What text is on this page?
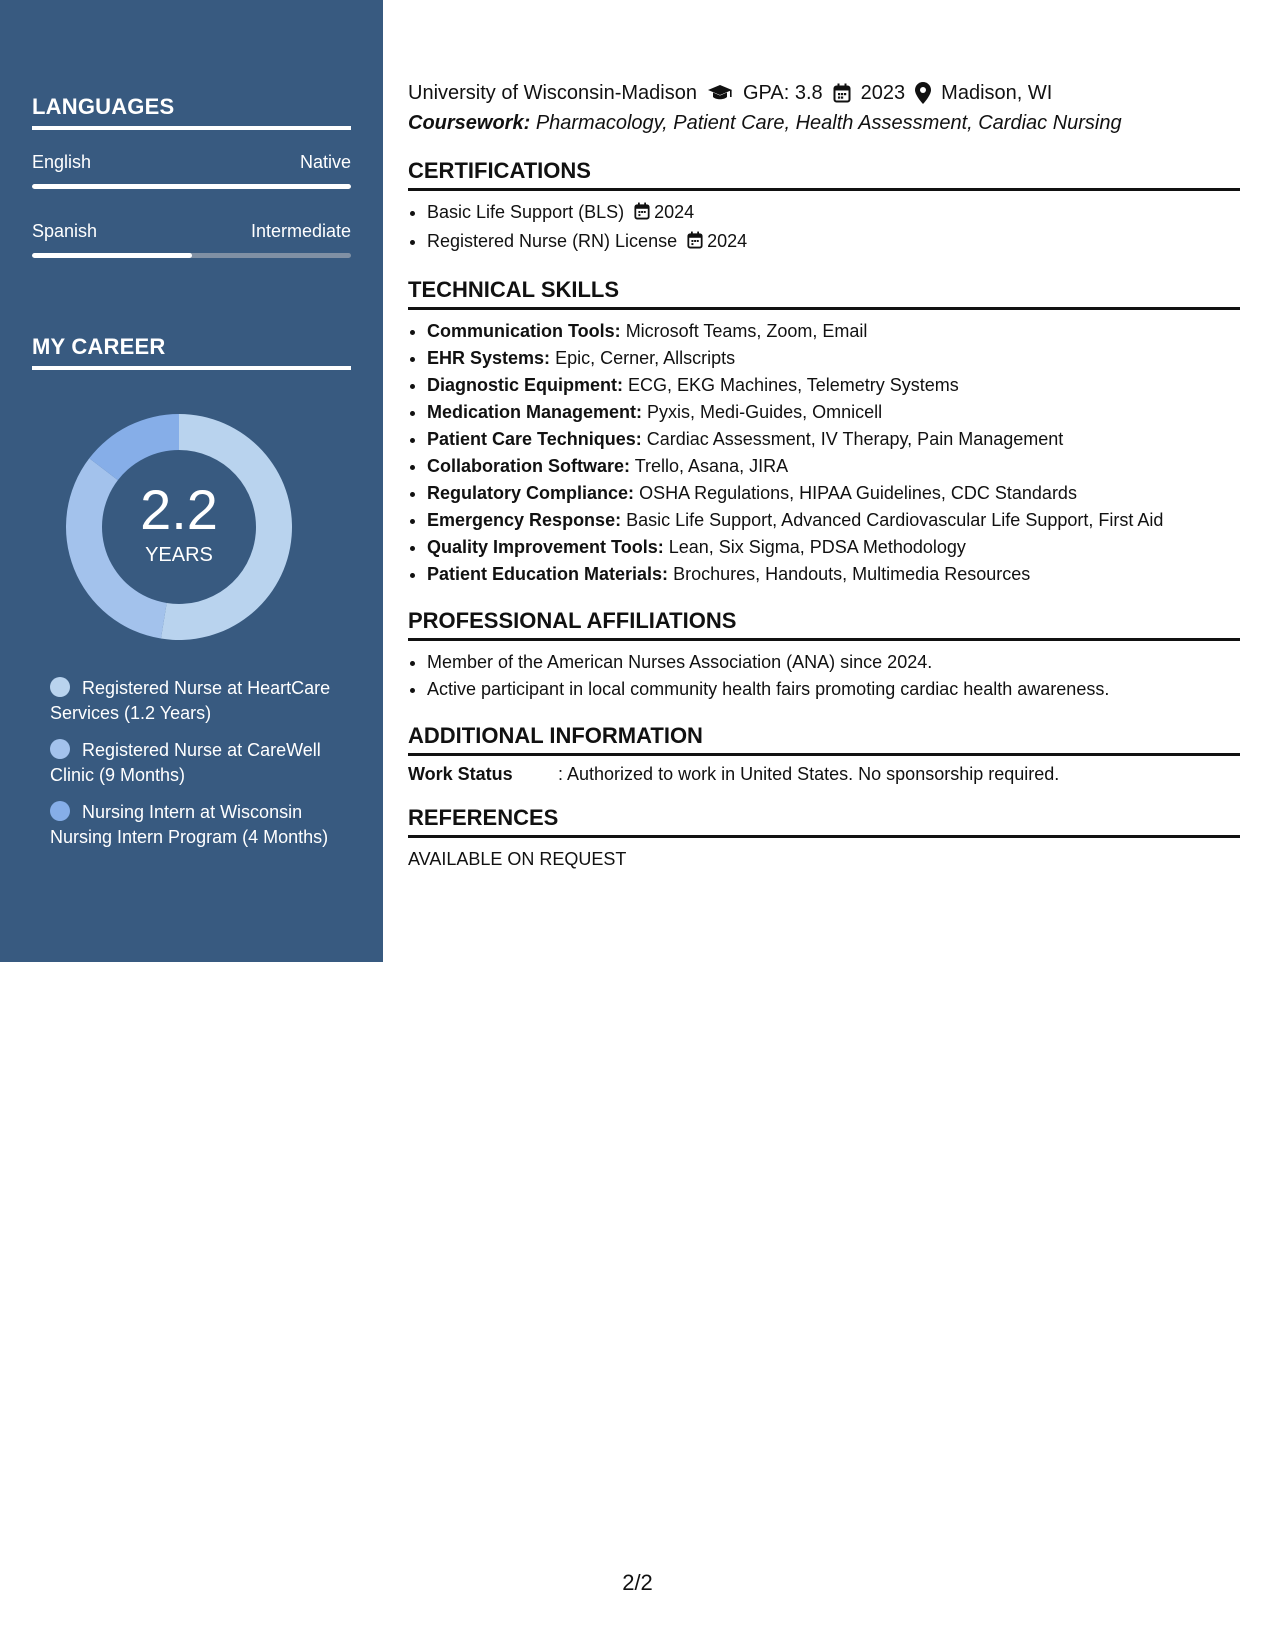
LANGUAGES
English	Native
Spanish	Intermediate
MY CAREER
2.2
YEARS
Registered Nurse at HeartCare Services (1.2 Years)
Registered Nurse at CareWell Clinic (9 Months)
Nursing Intern at Wisconsin Nursing Intern Program (4 Months)
University of Wisconsin-Madison GPA: 3.8 2023 Madison, WI
Coursework: Pharmacology, Patient Care, Health Assessment, Cardiac Nursing
CERTIFICATIONS
• Basic Life Support (BLS) 2024
• Registered Nurse (RN) License 2024
TECHNICAL SKILLS
• Communication Tools: Microsoft Teams, Zoom, Email
• EHR Systems: Epic, Cerner, Allscripts
• Diagnostic Equipment: ECG, EKG Machines, Telemetry Systems
• Medication Management: Pyxis, Medi-Guides, Omnicell
• Patient Care Techniques: Cardiac Assessment, IV Therapy, Pain Management
• Collaboration Software: Trello, Asana, JIRA
• Regulatory Compliance: OSHA Regulations, HIPAA Guidelines, CDC Standards
• Emergency Response: Basic Life Support, Advanced Cardiovascular Life Support, First Aid
• Quality Improvement Tools: Lean, Six Sigma, PDSA Methodology
• Patient Education Materials: Brochures, Handouts, Multimedia Resources
PROFESSIONAL AFFILIATIONS
• Member of the American Nurses Association (ANA) since 2024.
• Active participant in local community health fairs promoting cardiac health awareness.
ADDITIONAL INFORMATION
Work Status	: Authorized to work in United States. No sponsorship required.
REFERENCES
AVAILABLE ON REQUEST
2/2
